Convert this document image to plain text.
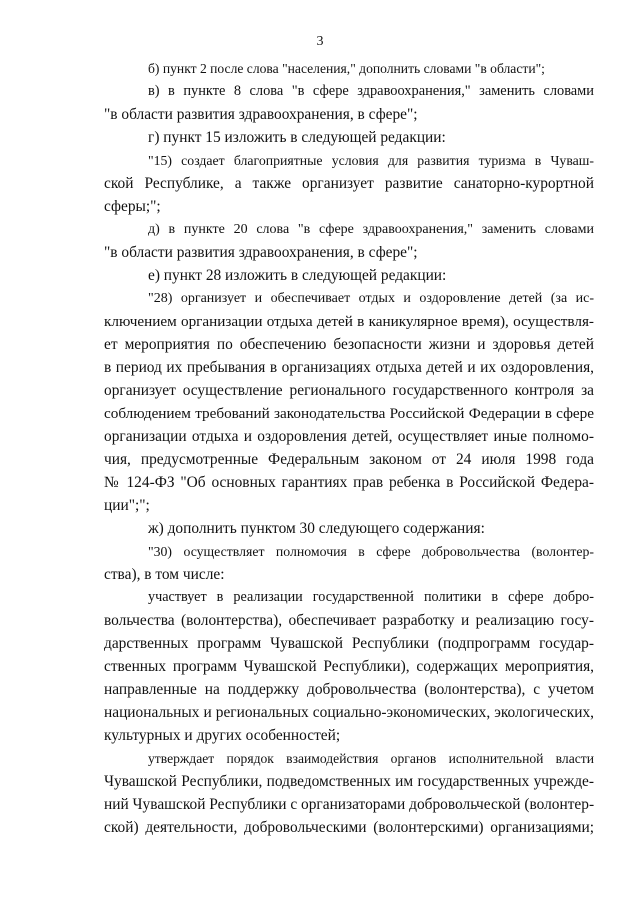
3
б) пункт 2 после слова "населения," дополнить словами "в области";
в) в пункте 8 слова "в сфере здравоохранения," заменить словами
"в области развития здравоохранения, в сфере";
г) пункт 15 изложить в следующей редакции:
"15) создает благоприятные условия для развития туризма в Чуваш-
ской Республике, а также организует развитие санаторно-курортной
сферы;";
д) в пункте 20 слова "в сфере здравоохранения," заменить словами
"в области развития здравоохранения, в сфере";
е) пункт 28 изложить в следующей редакции:
"28) организует и обеспечивает отдых и оздоровление детей (за ис-
ключением организации отдыха детей в каникулярное время), осуществля-
ет мероприятия по обеспечению безопасности жизни и здоровья детей
в период их пребывания в организациях отдыха детей и их оздоровления,
организует осуществление регионального государственного контроля за
соблюдением требований законодательства Российской Федерации в сфере
организации отдыха и оздоровления детей, осуществляет иные полномо-
чия, предусмотренные Федеральным законом от 24 июля 1998 года
№ 124-ФЗ "Об основных гарантиях прав ребенка в Российской Федера-
ции";";
ж) дополнить пунктом 30 следующего содержания:
"30) осуществляет полномочия в сфере добровольчества (волонтер-
ства), в том числе:
участвует в реализации государственной политики в сфере добро-
вольчества (волонтерства), обеспечивает разработку и реализацию госу-
дарственных программ Чувашской Республики (подпрограмм государ-
ственных программ Чувашской Республики), содержащих мероприятия,
направленные на поддержку добровольчества (волонтерства), с учетом
национальных и региональных социально-экономических, экологических,
культурных и других особенностей;
утверждает порядок взаимодействия органов исполнительной власти
Чувашской Республики, подведомственных им государственных учрежде-
ний Чувашской Республики с организаторами добровольческой (волонтер-
ской) деятельности, добровольческими (волонтерскими) организациями;
